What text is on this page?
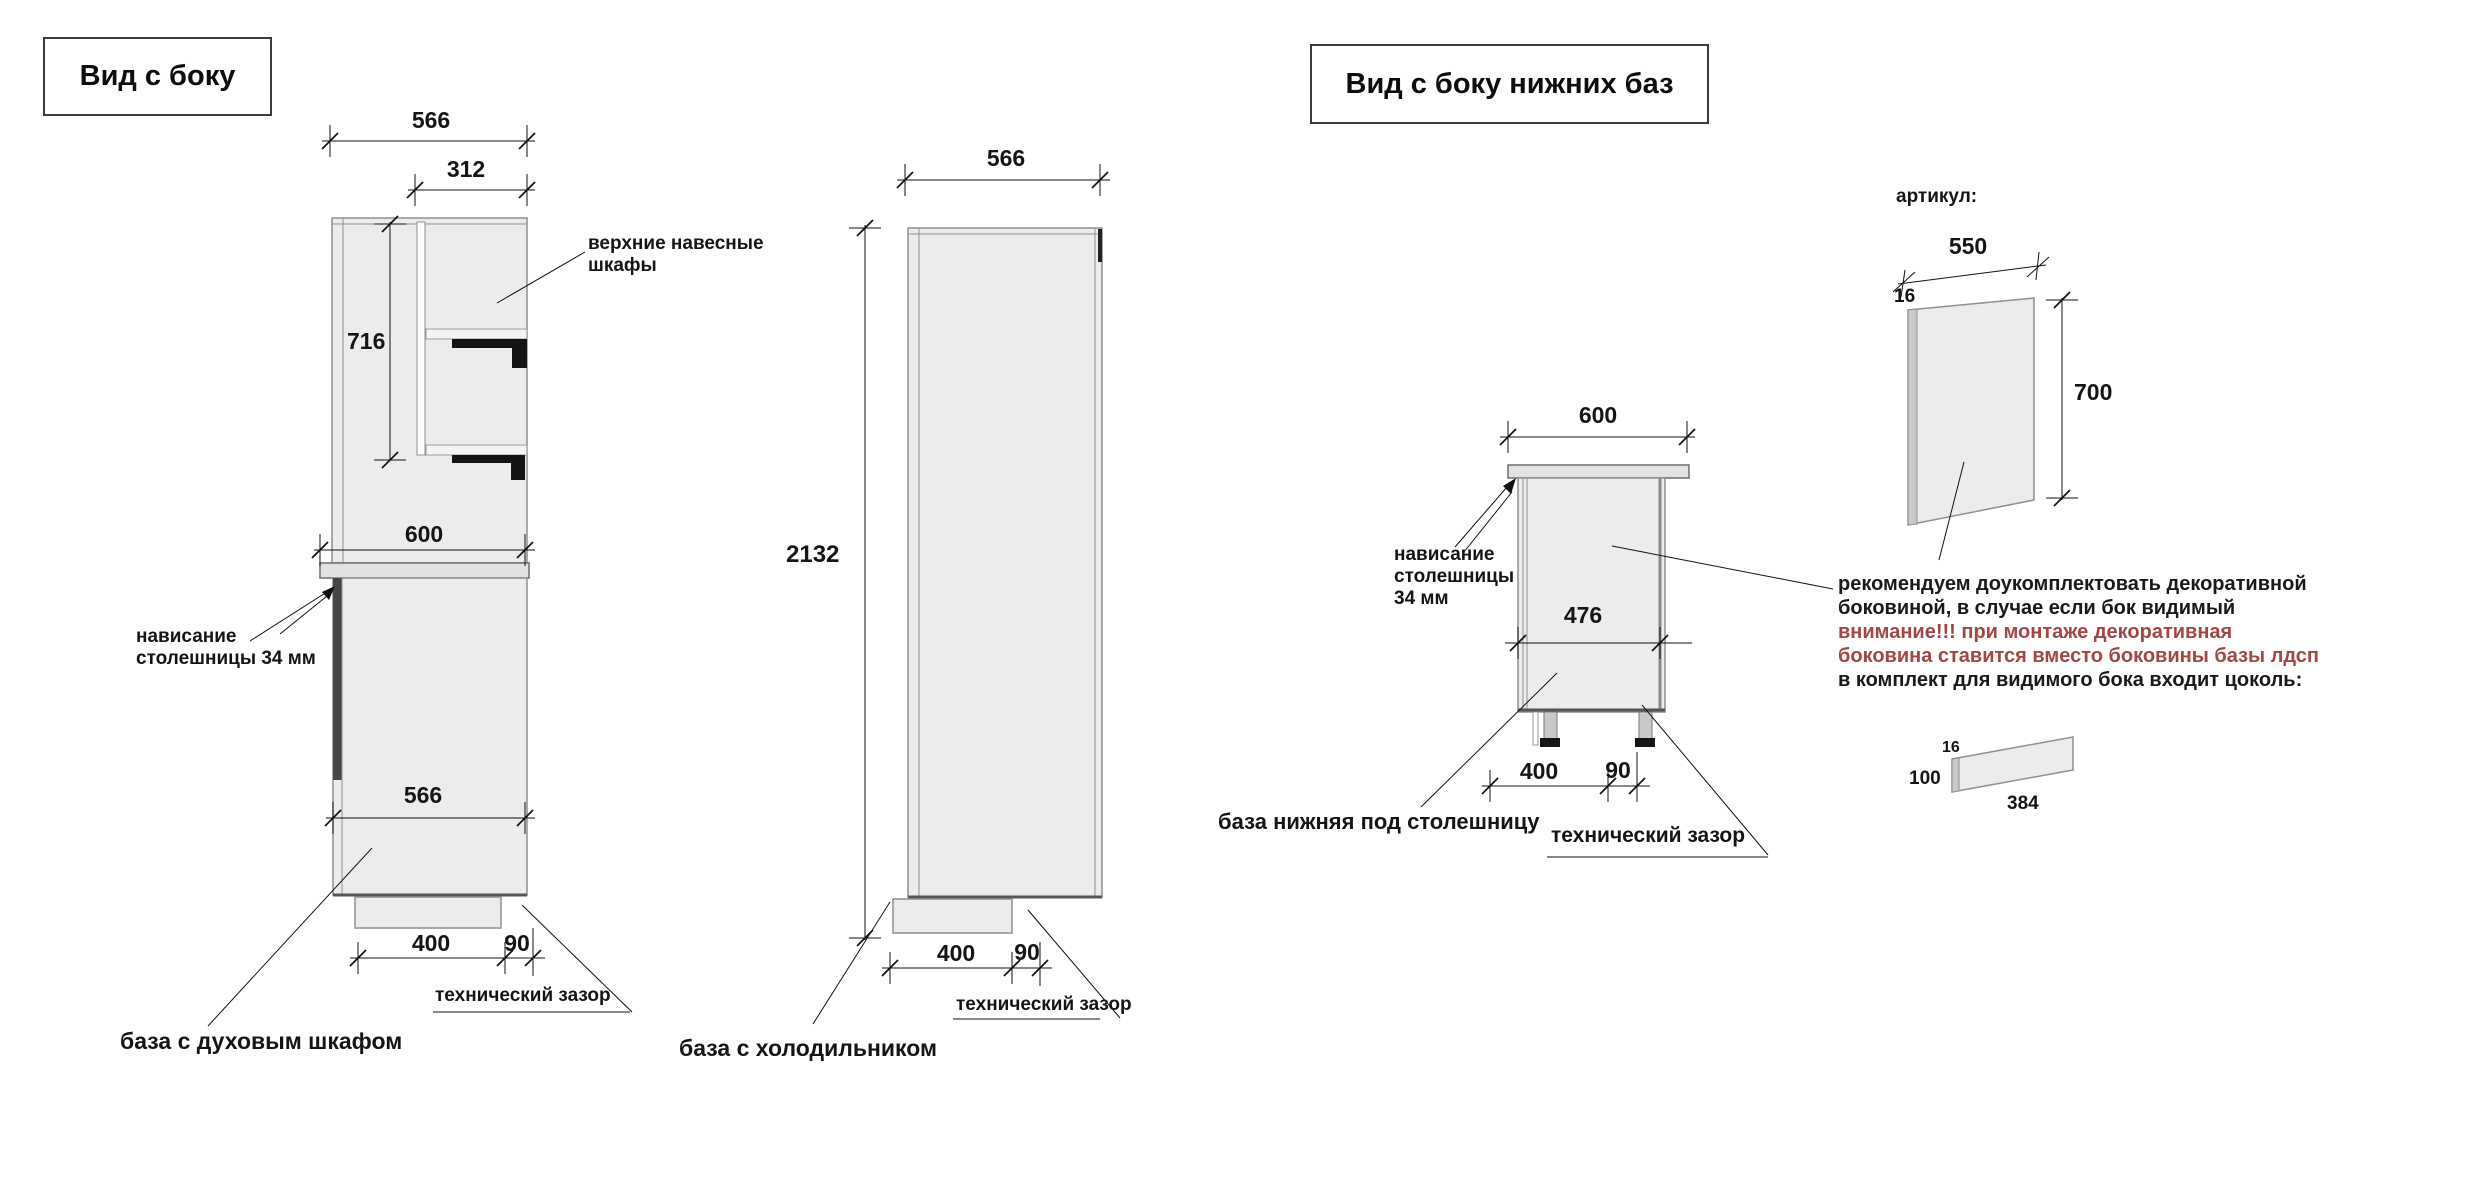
Вид с боку	Вид с боку нижних баз
566
312
716
верхние навесные
шкафы
600
нависание
столешницы 34 мм
566
400 90
технический зазор
база с духовым шкафом
566
2132
400 90
технический зазор
база с холодильником
600
нависание
столешницы
34 мм
476
400 90
база нижняя под столешницу
технический зазор
артикул:
550
16
700
рекомендуем доукомплектовать декоративной
боковиной, в случае если бок видимый
внимание!!! при монтаже декоративная
боковина ставится вместо боковины базы лдсп
в комплект для видимого бока входит цоколь:
16
100
384
